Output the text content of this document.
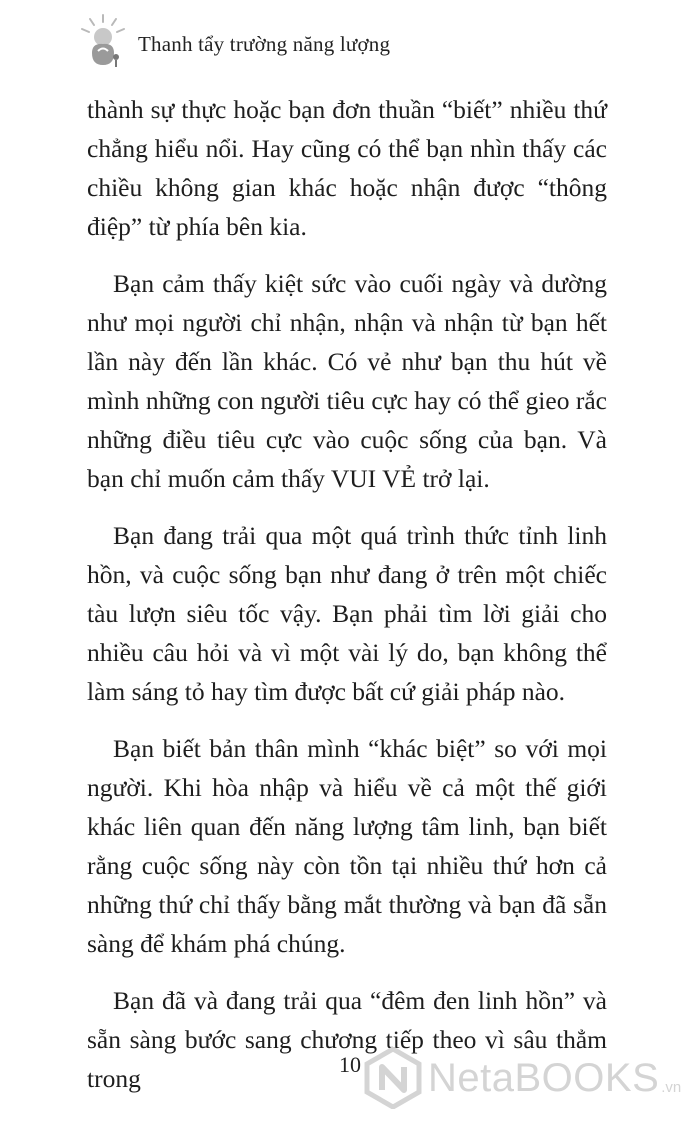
Thanh tẩy trường năng lượng

thành sự thực hoặc bạn đơn thuần “biết” nhiều thứ chẳng hiểu nổi. Hay cũng có thể bạn nhìn thấy các chiều không gian khác hoặc nhận được “thông điệp” từ phía bên kia.

Bạn cảm thấy kiệt sức vào cuối ngày và dường như mọi người chỉ nhận, nhận và nhận từ bạn hết lần này đến lần khác. Có vẻ như bạn thu hút về mình những con người tiêu cực hay có thể gieo rắc những điều tiêu cực vào cuộc sống của bạn. Và bạn chỉ muốn cảm thấy VUI VẺ trở lại.

Bạn đang trải qua một quá trình thức tỉnh linh hồn, và cuộc sống bạn như đang ở trên một chiếc tàu lượn siêu tốc vậy. Bạn phải tìm lời giải cho nhiều câu hỏi và vì một vài lý do, bạn không thể làm sáng tỏ hay tìm được bất cứ giải pháp nào.

Bạn biết bản thân mình “khác biệt” so với mọi người. Khi hòa nhập và hiểu về cả một thế giới khác liên quan đến năng lượng tâm linh, bạn biết rằng cuộc sống này còn tồn tại nhiều thứ hơn cả những thứ chỉ thấy bằng mắt thường và bạn đã sẵn sàng để khám phá chúng.

Bạn đã và đang trải qua “đêm đen linh hồn” và sẵn sàng bước sang chương tiếp theo vì sâu thẳm trong	10	NetaBOOKS .vn
